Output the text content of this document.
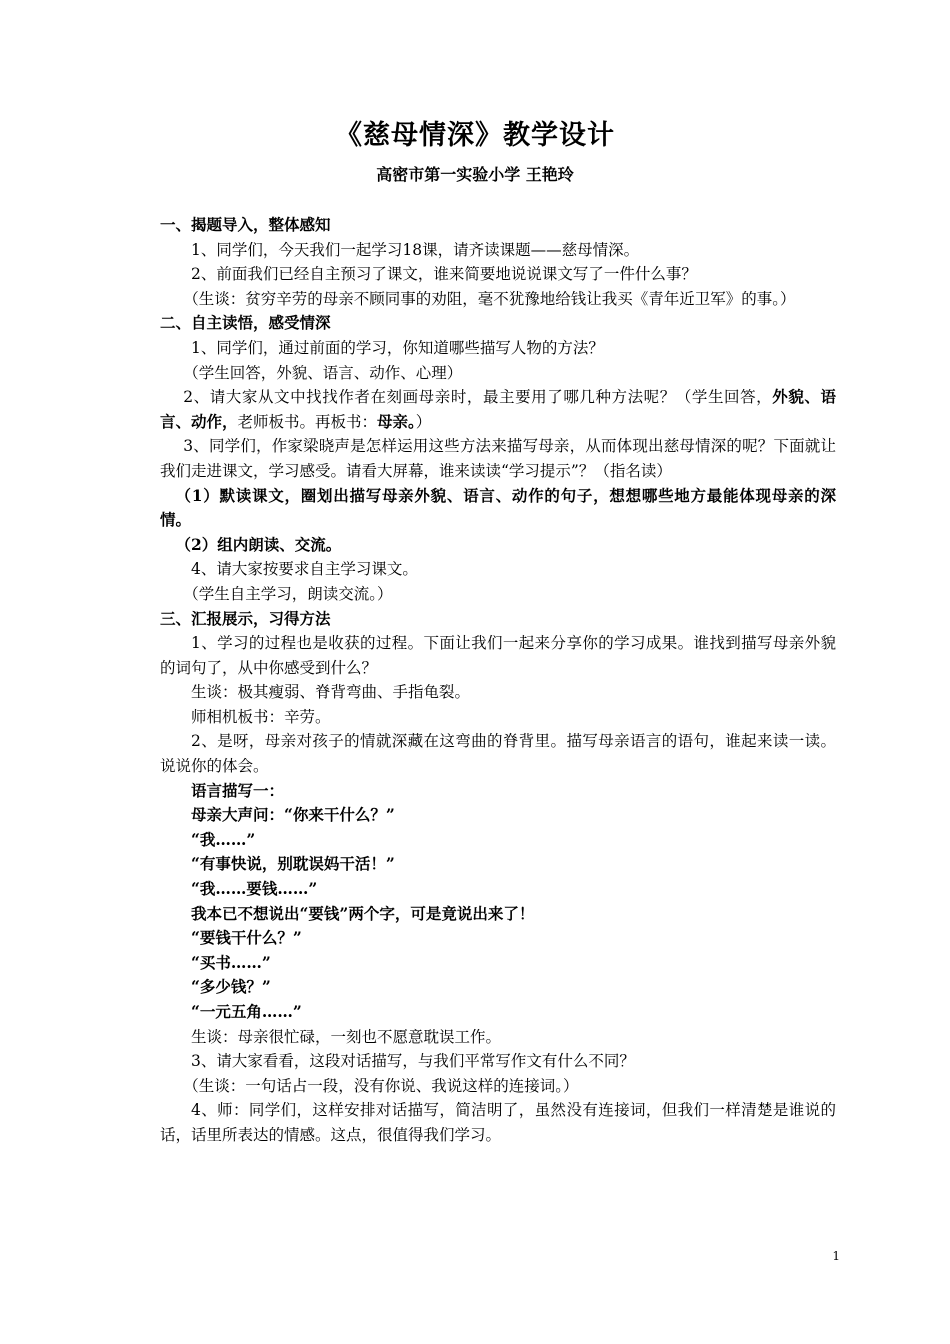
《慈母情深》教学设计
高密市第一实验小学 王艳玲

一、揭题导入，整体感知

1、同学们，今天我们一起学习18课，请齐读课题——慈母情深。

2、前面我们已经自主预习了课文，谁来简要地说说课文写了一件什么事？

（生谈：贫穷辛劳的母亲不顾同事的劝阻，毫不犹豫地给钱让我买《青年近卫军》的事。）

二、自主读悟，感受情深

1、同学们，通过前面的学习，你知道哪些描写人物的方法？

（学生回答，外貌、语言、动作、心理）

2、请大家从文中找找作者在刻画母亲时，最主要用了哪几种方法呢？（学生回答，外貌、语言、动作，老师板书。再板书：母亲。）

3、同学们，作家梁晓声是怎样运用这些方法来描写母亲，从而体现出慈母情深的呢？下面就让我们走进课文，学习感受。请看大屏幕，谁来读读“学习提示”？（指名读）

（1）默读课文，圈划出描写母亲外貌、语言、动作的句子，想想哪些地方最能体现母亲的深情。

（2）组内朗读、交流。

4、请大家按要求自主学习课文。

（学生自主学习，朗读交流。）

三、汇报展示，习得方法

1、学习的过程也是收获的过程。下面让我们一起来分享你的学习成果。谁找到描写母亲外貌的词句了，从中你感受到什么？

生谈：极其瘦弱、脊背弯曲、手指龟裂。

师相机板书：辛劳。

2、是呀，母亲对孩子的情就深藏在这弯曲的脊背里。描写母亲语言的语句，谁起来读一读。说说你的体会。

语言描写一：

母亲大声问：“你来干什么？”

“我……”

“有事快说，别耽误妈干活！”

“我……要钱……”

我本已不想说出“要钱”两个字，可是竟说出来了！

“要钱干什么？”

“买书……”

“多少钱？”

“一元五角……”

生谈：母亲很忙碌，一刻也不愿意耽误工作。

3、请大家看看，这段对话描写，与我们平常写作文有什么不同？

（生谈：一句话占一段，没有你说、我说这样的连接词。）

4、师：同学们，这样安排对话描写，简洁明了，虽然没有连接词，但我们一样清楚是谁说的话，话里所表达的情感。这点，很值得我们学习。

1
